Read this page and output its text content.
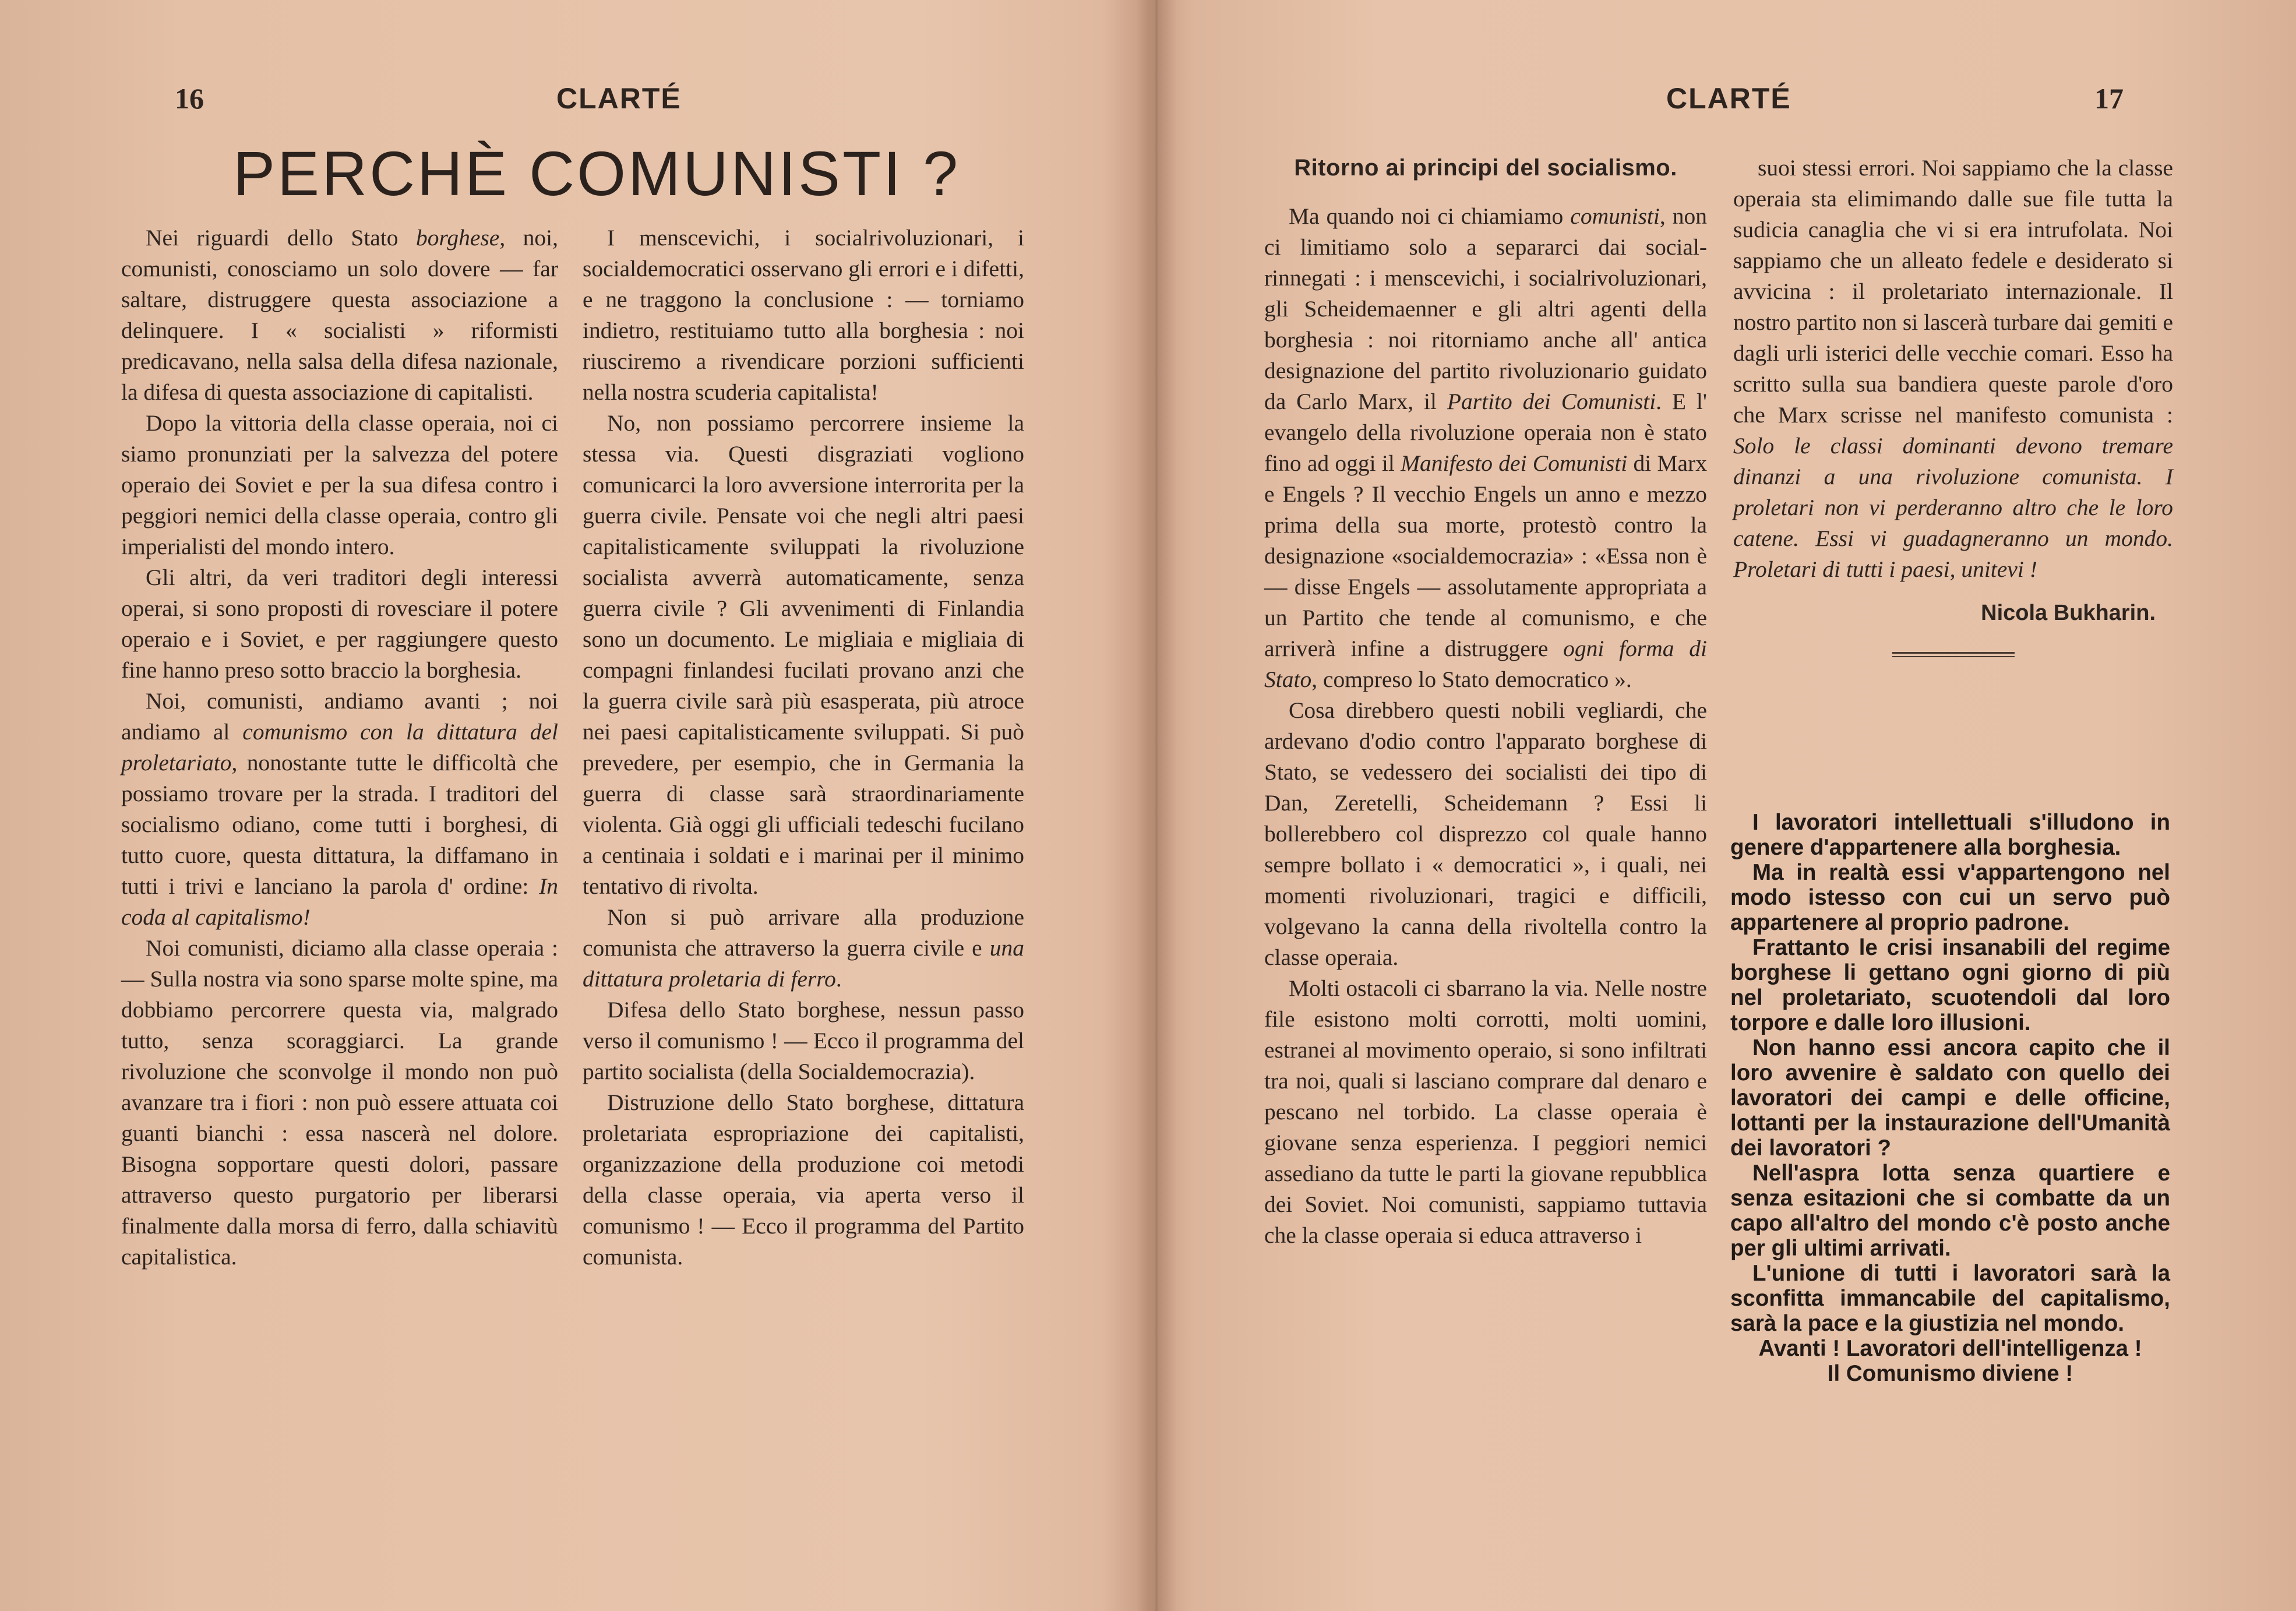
16	CLARTÉ
PERCHÈ COMUNISTI ?

Nei riguardi dello Stato borghese, noi, comunisti, conosciamo un solo dovere — far saltare, distruggere questa associazione a delinquere. I « socialisti » riformisti predicavano, nella salsa della difesa nazionale, la difesa di questa associazione di capitalisti.

Dopo la vittoria della classe operaia, noi ci siamo pronunziati per la salvezza del potere operaio dei Soviet e per la sua difesa contro i peggiori nemici della classe operaia, contro gli imperialisti del mondo intero.

Gli altri, da veri traditori degli interessi operai, si sono proposti di rovesciare il potere operaio e i Soviet, e per raggiungere questo fine hanno preso sotto braccio la borghesia.

Noi, comunisti, andiamo avanti ; noi andiamo al comunismo con la dittatura del proletariato, nonostante tutte le difficoltà che possiamo trovare per la strada. I traditori del socialismo odiano, come tutti i borghesi, di tutto cuore, questa dittatura, la diffamano in tutti i trivi e lanciano la parola d' ordine: In coda al capitalismo!

Noi comunisti, diciamo alla classe operaia : — Sulla nostra via sono sparse molte spine, ma dobbiamo percorrere questa via, malgrado tutto, senza scoraggiarci. La grande rivoluzione che sconvolge il mondo non può avanzare tra i fiori : non può essere attuata coi guanti bianchi : essa nascerà nel dolore. Bisogna sopportare questi dolori, passare attraverso questo purgatorio per liberarsi finalmente dalla morsa di ferro, dalla schiavitù capitalistica.

I menscevichi, i socialrivoluzionari, i socialdemocratici osservano gli errori e i difetti, e ne traggono la conclusione : — torniamo indietro, restituiamo tutto alla borghesia : noi riusciremo a rivendicare porzioni sufficienti nella nostra scuderia capitalista!

No, non possiamo percorrere insieme la stessa via. Questi disgraziati vogliono comunicarci la loro avversione interrorita per la guerra civile. Pensate voi che negli altri paesi capitalisticamente sviluppati la rivoluzione socialista avverrà automaticamente, senza guerra civile ? Gli avvenimenti di Finlandia sono un documento. Le migliaia e migliaia di compagni finlandesi fucilati provano anzi che la guerra civile sarà più esasperata, più atroce nei paesi capitalisticamente sviluppati. Si può prevedere, per esempio, che in Germania la guerra di classe sarà straordinariamente violenta. Già oggi gli ufficiali tedeschi fucilano a centinaia i soldati e i marinai per il minimo tentativo di rivolta.

Non si può arrivare alla produzione comunista che attraverso la guerra civile e una dittatura proletaria di ferro.

Difesa dello Stato borghese, nessun passo verso il comunismo ! — Ecco il programma del partito socialista (della Socialdemocrazia).

Distruzione dello Stato borghese, dittatura proletariata espropriazione dei capitalisti, organizzazione della produzione coi metodi della classe operaia, via aperta verso il comunismo ! — Ecco il programma del Partito comunista.

CLARTÉ	17
Ritorno ai principi del socialismo.

Ma quando noi ci chiamiamo comunisti, non ci limitiamo solo a separarci dai social-rinnegati : i menscevichi, i socialrivoluzionari, gli Scheidemaenner e gli altri agenti della borghesia : noi ritorniamo anche all' antica designazione del partito rivoluzionario guidato da Carlo Marx, il Partito dei Comunisti. E l' evangelo della rivoluzione operaia non è stato fino ad oggi il Manifesto dei Comunisti di Marx e Engels ? Il vecchio Engels un anno e mezzo prima della sua morte, protestò contro la designazione «socialdemocrazia» : «Essa non è — disse Engels — assolutamente appropriata a un Partito che tende al comunismo, e che arriverà infine a distruggere ogni forma di Stato, compreso lo Stato democratico ».

Cosa direbbero questi nobili vegliardi, che ardevano d'odio contro l'apparato borghese di Stato, se vedessero dei socialisti dei tipo di Dan, Zeretelli, Scheidemann ? Essi li bollerebbero col disprezzo col quale hanno sempre bollato i « democratici », i quali, nei momenti rivoluzionari, tragici e difficili, volgevano la canna della rivoltella contro la classe operaia.

Molti ostacoli ci sbarrano la via. Nelle nostre file esistono molti corrotti, molti uomini, estranei al movimento operaio, si sono infiltrati tra noi, quali si lasciano comprare dal denaro e pescano nel torbido. La classe operaia è giovane senza esperienza. I peggiori nemici assediano da tutte le parti la giovane repubblica dei Soviet. Noi comunisti, sappiamo tuttavia che la classe operaia si educa attraverso i

suoi stessi errori. Noi sappiamo che la classe operaia sta elimimando dalle sue file tutta la sudicia canaglia che vi si era intrufolata. Noi sappiamo che un alleato fedele e desiderato si avvicina : il proletariato internazionale. Il nostro partito non si lascerà turbare dai gemiti e dagli urli isterici delle vecchie comari. Esso ha scritto sulla sua bandiera queste parole d'oro che Marx scrisse nel manifesto comunista : Solo le classi dominanti devono tremare dinanzi a una rivoluzione comunista. I proletari non vi perderanno altro che le loro catene. Essi vi guadagneranno un mondo. Proletari di tutti i paesi, unitevi !

Nicola Bukharin.

I lavoratori intellettuali s'illudono in genere d'appartenere alla borghesia.

Ma in realtà essi v'appartengono nel modo istesso con cui un servo può appartenere al proprio padrone.

Frattanto le crisi insanabili del regime borghese li gettano ogni giorno di più nel proletariato, scuotendoli dal loro torpore e dalle loro illusioni.

Non hanno essi ancora capito che il loro avvenire è saldato con quello dei lavoratori dei campi e delle officine, lottanti per la instaurazione dell'Umanità dei lavoratori ?

Nell'aspra lotta senza quartiere e senza esitazioni che si combatte da un capo all'altro del mondo c'è posto anche per gli ultimi arrivati.

L'unione di tutti i lavoratori sarà la sconfitta immancabile del capitalismo, sarà la pace e la giustizia nel mondo.

Avanti ! Lavoratori dell'intelligenza !

Il Comunismo diviene !
